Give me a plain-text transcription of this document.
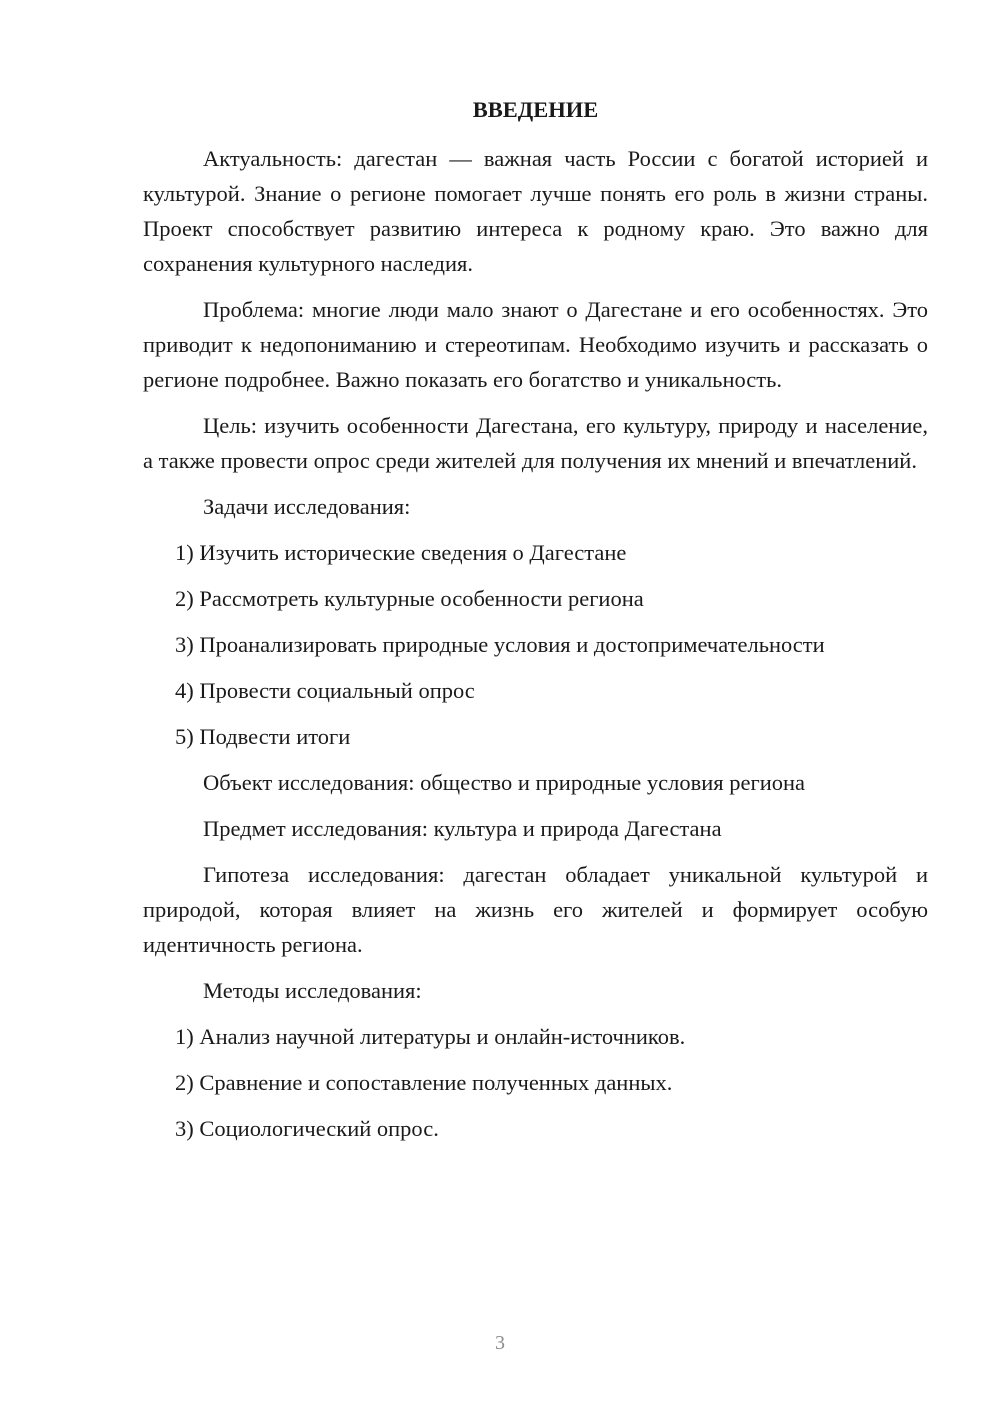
ВВЕДЕНИЕ

Актуальность: дагестан — важная часть России с богатой историей и культурой. Знание о регионе помогает лучше понять его роль в жизни страны. Проект способствует развитию интереса к родному краю. Это важно для сохранения культурного наследия.

Проблема: многие люди мало знают о Дагестане и его особенностях. Это приводит к недопониманию и стереотипам. Необходимо изучить и рассказать о регионе подробнее. Важно показать его богатство и уникальность.

Цель: изучить особенности Дагестана, его культуру, природу и население, а также провести опрос среди жителей для получения их мнений и впечатлений.

Задачи исследования:
1) Изучить исторические сведения о Дагестане
2) Рассмотреть культурные особенности региона
3) Проанализировать природные условия и достопримечательности
4) Провести социальный опрос
5) Подвести итоги
Объект исследования: общество и природные условия региона
Предмет исследования: культура и природа Дагестана

Гипотеза исследования: дагестан обладает уникальной культурой и природой, которая влияет на жизнь его жителей и формирует особую идентичность региона.

Методы исследования:
1) Анализ научной литературы и онлайн-источников.
2) Сравнение и сопоставление полученных данных.
3) Социологический опрос.
3
